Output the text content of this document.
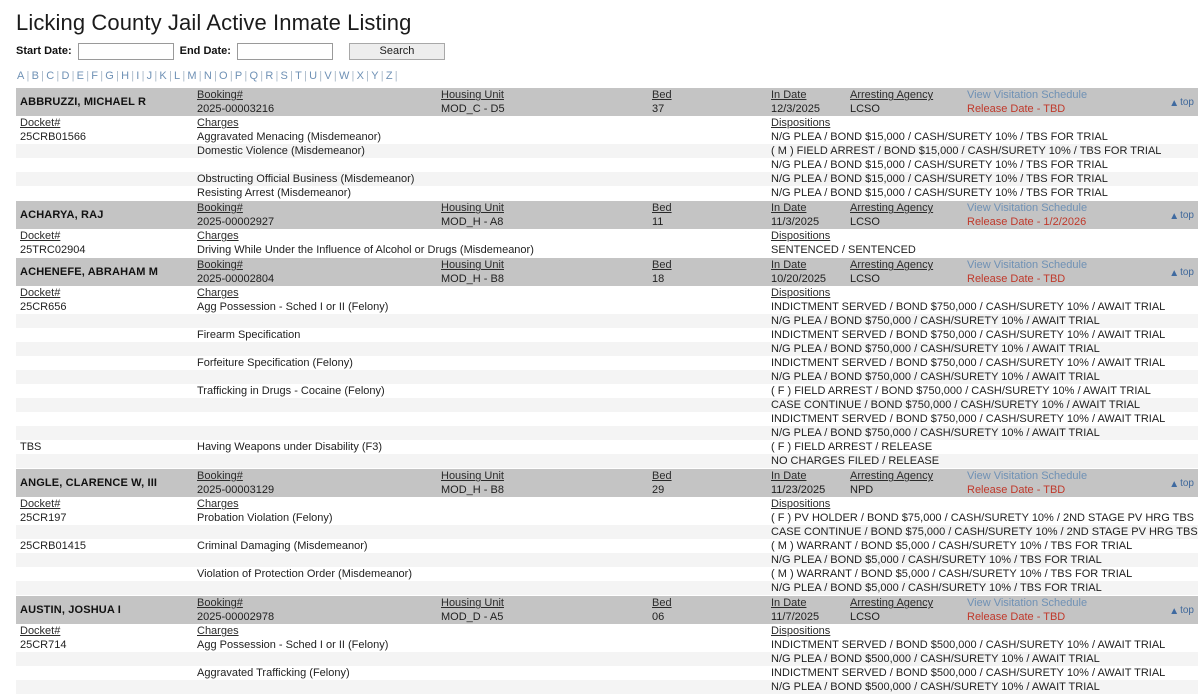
Licking County Jail Active Inmate Listing
Start Date:	End Date:	Search
A | B | C | D | E | F | G | H | I | J | K | L | M | N | O | P | Q | R | S | T | U | V | W | X | Y | Z |
ABBRUZZI, MICHAEL R	Booking#	Housing Unit	Bed	In Date	Arresting Agency	View Visitation Schedule	▲top
	2025-00003216	MOD_C - D5	37	12/3/2025	LCSO	Release Date - TBD	
Docket#	Charges			Dispositions			
25CRB01566	Aggravated Menacing (Misdemeanor)			N/G PLEA / BOND $15,000 / CASH/SURETY 10% / TBS FOR TRIAL			
	Domestic Violence (Misdemeanor)			( M ) FIELD ARREST / BOND $15,000 / CASH/SURETY 10% / TBS FOR TRIAL			
				N/G PLEA / BOND $15,000 / CASH/SURETY 10% / TBS FOR TRIAL			
	Obstructing Official Business (Misdemeanor)			N/G PLEA / BOND $15,000 / CASH/SURETY 10% / TBS FOR TRIAL			
	Resisting Arrest (Misdemeanor)			N/G PLEA / BOND $15,000 / CASH/SURETY 10% / TBS FOR TRIAL			
ACHARYA, RAJ	Booking#	Housing Unit	Bed	In Date	Arresting Agency	View Visitation Schedule	▲top
	2025-00002927	MOD_H - A8	11	11/3/2025	LCSO	Release Date - 1/2/2026	
Docket#	Charges			Dispositions			
25TRC02904	Driving While Under the Influence of Alcohol or Drugs (Misdemeanor)			SENTENCED / SENTENCED			
ACHENEFE, ABRAHAM M	Booking#	Housing Unit	Bed	In Date	Arresting Agency	View Visitation Schedule	▲top
	2025-00002804	MOD_H - B8	18	10/20/2025	LCSO	Release Date - TBD	
Docket#	Charges			Dispositions			
25CR656	Agg Possession - Sched I or II (Felony)			INDICTMENT SERVED / BOND $750,000 / CASH/SURETY 10% / AWAIT TRIAL			
				N/G PLEA / BOND $750,000 / CASH/SURETY 10% / AWAIT TRIAL			
	Firearm Specification			INDICTMENT SERVED / BOND $750,000 / CASH/SURETY 10% / AWAIT TRIAL			
				N/G PLEA / BOND $750,000 / CASH/SURETY 10% / AWAIT TRIAL			
	Forfeiture Specification (Felony)			INDICTMENT SERVED / BOND $750,000 / CASH/SURETY 10% / AWAIT TRIAL			
				N/G PLEA / BOND $750,000 / CASH/SURETY 10% / AWAIT TRIAL			
	Trafficking in Drugs - Cocaine (Felony)			( F ) FIELD ARREST / BOND $750,000 / CASH/SURETY 10% / AWAIT TRIAL			
				CASE CONTINUE / BOND $750,000 / CASH/SURETY 10% / AWAIT TRIAL			
				INDICTMENT SERVED / BOND $750,000 / CASH/SURETY 10% / AWAIT TRIAL			
				N/G PLEA / BOND $750,000 / CASH/SURETY 10% / AWAIT TRIAL			
TBS	Having Weapons under Disability (F3)			( F ) FIELD ARREST / RELEASE			
				NO CHARGES FILED / RELEASE			
ANGLE, CLARENCE W, III	Booking#	Housing Unit	Bed	In Date	Arresting Agency	View Visitation Schedule	▲top
	2025-00003129	MOD_H - B8	29	11/23/2025	NPD	Release Date - TBD	
Docket#	Charges			Dispositions			
25CR197	Probation Violation (Felony)			( F ) PV HOLDER / BOND $75,000 / CASH/SURETY 10% / 2ND STAGE PV HRG TBS			
				CASE CONTINUE / BOND $75,000 / CASH/SURETY 10% / 2ND STAGE PV HRG TBS			
25CRB01415	Criminal Damaging (Misdemeanor)			( M ) WARRANT / BOND $5,000 / CASH/SURETY 10% / TBS FOR TRIAL			
				N/G PLEA / BOND $5,000 / CASH/SURETY 10% / TBS FOR TRIAL			
	Violation of Protection Order (Misdemeanor)			( M ) WARRANT / BOND $5,000 / CASH/SURETY 10% / TBS FOR TRIAL			
				N/G PLEA / BOND $5,000 / CASH/SURETY 10% / TBS FOR TRIAL			
AUSTIN, JOSHUA I	Booking#	Housing Unit	Bed	In Date	Arresting Agency	View Visitation Schedule	▲top
	2025-00002978	MOD_D - A5	06	11/7/2025	LCSO	Release Date - TBD	
Docket#	Charges			Dispositions			
25CR714	Agg Possession - Sched I or II (Felony)			INDICTMENT SERVED / BOND $500,000 / CASH/SURETY 10% / AWAIT TRIAL			
				N/G PLEA / BOND $500,000 / CASH/SURETY 10% / AWAIT TRIAL			
	Aggravated Trafficking (Felony)			INDICTMENT SERVED / BOND $500,000 / CASH/SURETY 10% / AWAIT TRIAL			
				N/G PLEA / BOND $500,000 / CASH/SURETY 10% / AWAIT TRIAL			
